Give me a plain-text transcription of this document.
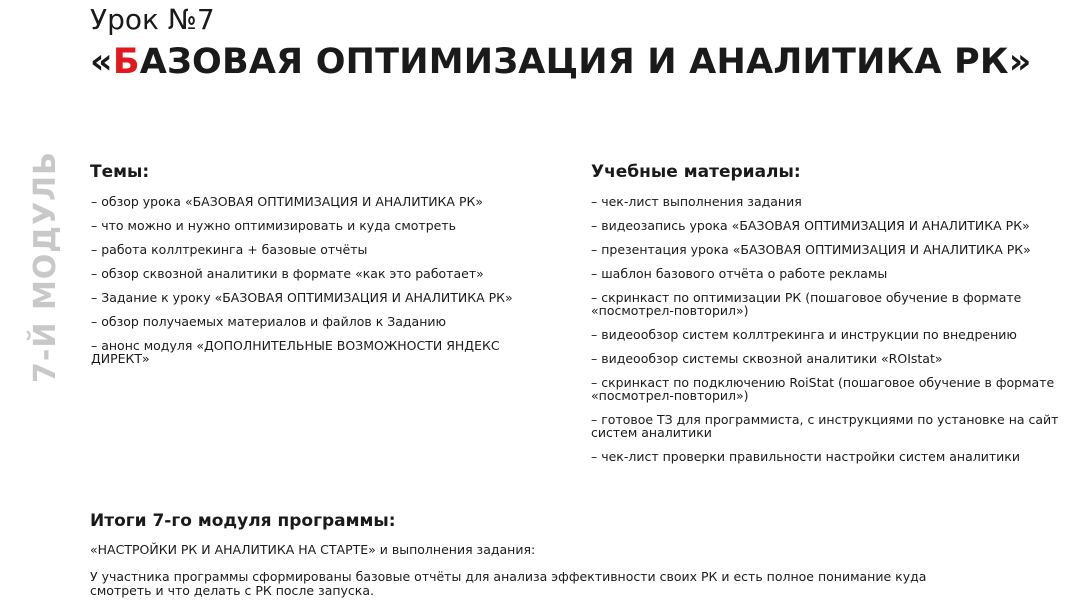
Урок №7
«БАЗОВАЯ ОПТИМИЗАЦИЯ И АНАЛИТИКА РК»
7-Й МОДУЛЬ Темы:
– обзор урока «БАЗОВАЯ ОПТИМИЗАЦИЯ И АНАЛИТИКА РК»
– что можно и нужно оптимизировать и куда смотреть
– работа коллтрекинга + базовые отчёты
– обзор сквозной аналитики в формате «как это работает»
– Задание к уроку «БАЗОВАЯ ОПТИМИЗАЦИЯ И АНАЛИТИКА РК»
– обзор получаемых материалов и файлов к Заданию
– анонс модуля «ДОПОЛНИТЕЛЬНЫЕ ВОЗМОЖНОСТИ ЯНДЕКС ДИРЕКТ»
Учебные материалы:
– чек-лист выполнения задания
– видеозапись урока «БАЗОВАЯ ОПТИМИЗАЦИЯ И АНАЛИТИКА РК»
– презентация урока «БАЗОВАЯ ОПТИМИЗАЦИЯ И АНАЛИТИКА РК»
– шаблон базового отчёта о работе рекламы
– скринкаст по оптимизации РК (пошаговое обучение в формате «посмотрел-повторил»)
– видеообзор систем коллтрекинга и инструкции по внедрению
– видеообзор системы сквозной аналитики «ROIstat»
– скринкаст по подключению RoiStat (пошаговое обучение в формате «посмотрел-повторил»)
– готовое ТЗ для программиста, с инструкциями по установке на сайт систем аналитики
– чек-лист проверки правильности настройки систем аналитики
Итоги 7-го модуля программы:
«НАСТРОЙКИ РК И АНАЛИТИКА НА СТАРТЕ» и выполнения задания:
У участника программы сформированы базовые отчёты для анализа эффективности своих РК и есть полное понимание куда смотреть и что делать с РК после запуска.
